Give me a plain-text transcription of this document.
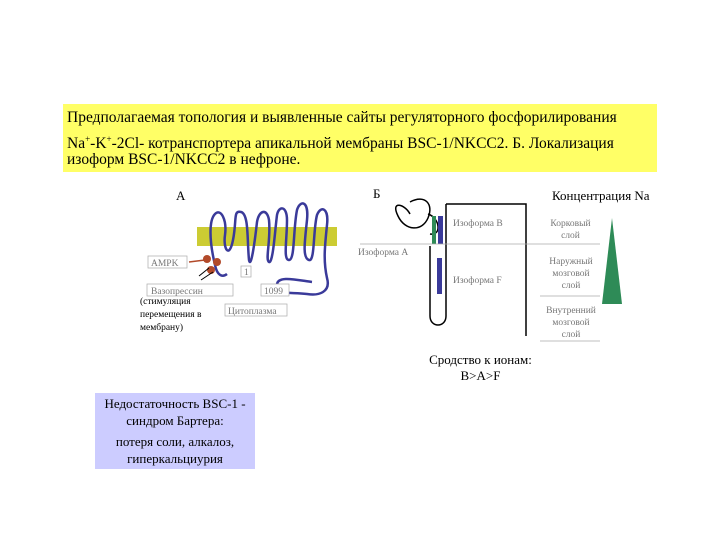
Предполагаемая топология и выявленные сайты регуляторного фосфорилирования
Na+-K+-2Cl- котранспортера апикальной мембраны BSC-1/NKCC2. Б. Локализация
изоформ BSC-1/NKCC2 в нефроне.
А	Б	Концентрация Na
AMPK
1
Вазопрессин	1099
Цитоплазма
(стимуляция
перемещения в
мембрану)
Изоформа B
Изоформа A
Изоформа F
Корковый
слой
Наружный
мозговой
слой
Внутренний
мозговой
слой
Сродство к ионам:
B>A>F
Недостаточность BSC-1 -
синдром Бартера:
потеря соли, алкалоз,
гиперкальциурия
